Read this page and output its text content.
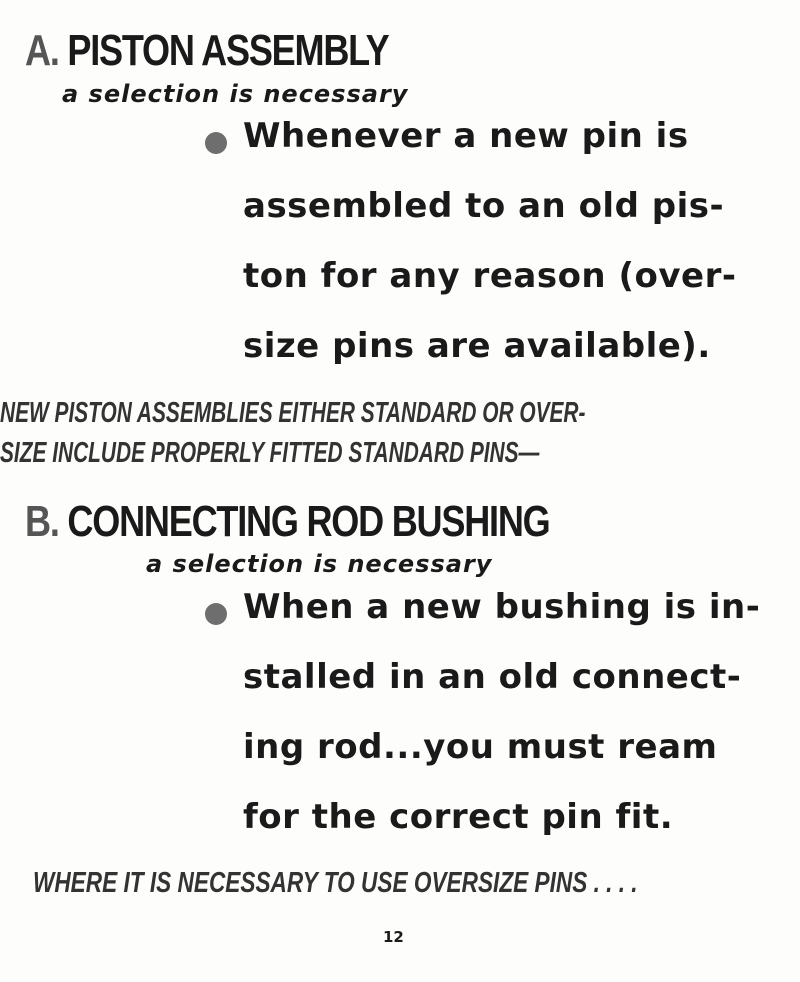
A. PISTON ASSEMBLY
a selection is necessary
Whenever a new pin is
assembled to an old pis-
ton for any reason (over-
size pins are available).
NEW PISTON ASSEMBLIES EITHER STANDARD OR OVER-
SIZE INCLUDE PROPERLY FITTED STANDARD PINS—
B. CONNECTING ROD BUSHING
a selection is necessary
When a new bushing is in-
stalled in an old connect-
ing rod...you must ream
for the correct pin fit.
WHERE IT IS NECESSARY TO USE OVERSIZE PINS . . . .
12
